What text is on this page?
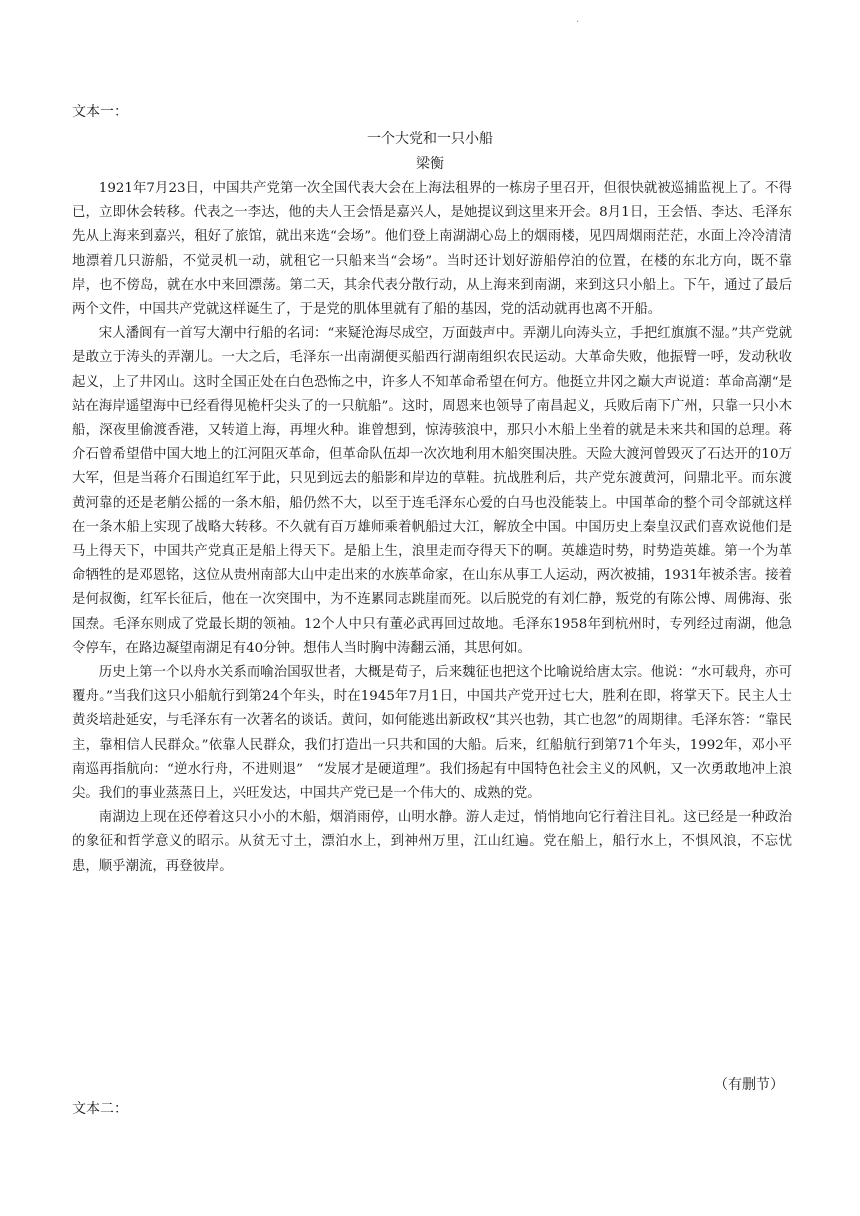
.
文本一：
一个大党和一只小船
梁衡

1921年7月23日，中国共产党第一次全国代表大会在上海法租界的一栋房子里召开，但很快就被巡捕监视上了。不得已，立即休会转移。代表之一李达，他的夫人王会悟是嘉兴人，是她提议到这里来开会。8月1日，王会悟、李达、毛泽东先从上海来到嘉兴，租好了旅馆，就出来选“会场”。他们登上南湖湖心岛上的烟雨楼，见四周烟雨茫茫，水面上冷冷清清地漂着几只游船，不觉灵机一动，就租它一只船来当“会场”。当时还计划好游船停泊的位置，在楼的东北方向，既不靠岸，也不傍岛，就在水中来回漂荡。第二天，其余代表分散行动，从上海来到南湖，来到这只小船上。下午，通过了最后两个文件，中国共产党就这样诞生了，于是党的肌体里就有了船的基因，党的活动就再也离不开船。

宋人潘阆有一首写大潮中行船的名词：“来疑沧海尽成空，万面鼓声中。弄潮儿向涛头立，手把红旗旗不湿。”共产党就是敢立于涛头的弄潮儿。一大之后，毛泽东一出南湖便买船西行湖南组织农民运动。大革命失败，他振臂一呼，发动秋收起义，上了井冈山。这时全国正处在白色恐怖之中，许多人不知革命希望在何方。他挺立井冈之巅大声说道：革命高潮“是站在海岸遥望海中已经看得见桅杆尖头了的一只航船”。这时，周恩来也领导了南昌起义，兵败后南下广州，只靠一只小木船，深夜里偷渡香港，又转道上海，再埋火种。谁曾想到，惊涛骇浪中，那只小木船上坐着的就是未来共和国的总理。蒋介石曾希望借中国大地上的江河阻灭革命，但革命队伍却一次次地利用木船突围决胜。天险大渡河曾毁灭了石达开的10万大军，但是当蒋介石围追红军于此，只见到远去的船影和岸边的草鞋。抗战胜利后，共产党东渡黄河，问鼎北平。而东渡黄河靠的还是老艄公摇的一条木船，船仍然不大，以至于连毛泽东心爱的白马也没能装上。中国革命的整个司令部就这样在一条木船上实现了战略大转移。不久就有百万雄师乘着帆船过大江，解放全中国。中国历史上秦皇汉武们喜欢说他们是马上得天下，中国共产党真正是船上得天下。是船上生，浪里走而夺得天下的啊。英雄造时势，时势造英雄。第一个为革命牺牲的是邓恩铭，这位从贵州南部大山中走出来的水族革命家，在山东从事工人运动，两次被捕，1931年被杀害。接着是何叔衡，红军长征后，他在一次突围中，为不连累同志跳崖而死。以后脱党的有刘仁静，叛党的有陈公博、周佛海、张国焘。毛泽东则成了党最长期的领袖。12个人中只有董必武再回过故地。毛泽东1958年到杭州时，专列经过南湖，他急令停车，在路边凝望南湖足有40分钟。想伟人当时胸中涛翻云涌，其思何如。

历史上第一个以舟水关系而喻治国驭世者，大概是荀子，后来魏征也把这个比喻说给唐太宗。他说：“水可载舟，亦可覆舟。”当我们这只小船航行到第24个年头，时在1945年7月1日，中国共产党开过七大，胜利在即，将掌天下。民主人士黄炎培赴延安，与毛泽东有一次著名的谈话。黄问，如何能逃出新政权“其兴也勃，其亡也忽”的周期律。毛泽东答：“靠民主，靠相信人民群众。”依靠人民群众，我们打造出一只共和国的大船。后来，红船航行到第71个年头，1992年，邓小平南巡再指航向：“逆水行舟，不进则退”　“发展才是硬道理”。我们扬起有中国特色社会主义的风帆，又一次勇敢地冲上浪尖。我们的事业蒸蒸日上，兴旺发达，中国共产党已是一个伟大的、成熟的党。

南湖边上现在还停着这只小小的木船，烟消雨停，山明水静。游人走过，悄悄地向它行着注目礼。这已经是一种政治的象征和哲学意义的昭示。从贫无寸土，漂泊水上，到神州万里，江山红遍。党在船上，船行水上，不惧风浪，不忘忧患，顺乎潮流，再登彼岸。

（有删节）
文本二：
